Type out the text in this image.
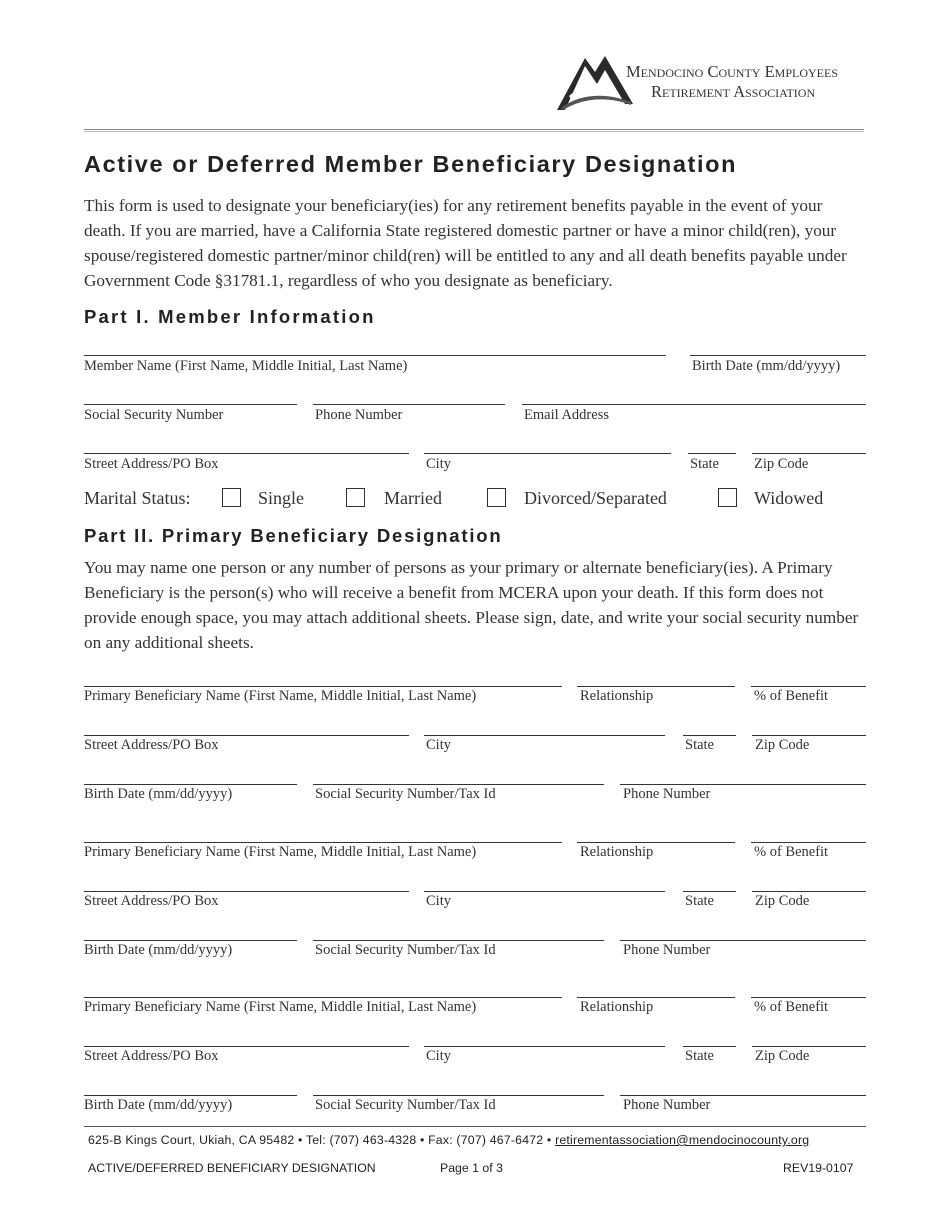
Mendocino County Employees
Retirement Association
Active or Deferred Member Beneficiary Designation

This form is used to designate your beneficiary(ies) for any retirement benefits payable in the event of your death. If you are married, have a California State registered domestic partner or have a minor child(ren), your spouse/registered domestic partner/minor child(ren) will be entitled to any and all death benefits payable under Government Code §31781.1, regardless of who you designate as beneficiary.

Part I. Member Information
Member Name (First Name, Middle Initial, Last Name)	Birth Date (mm/dd/yyyy)
Social Security Number	Phone Number	Email Address
Street Address/PO Box	City	State Zip Code
Marital Status:	Single	Married	Divorced/Separated	Widowed
Part II. Primary Beneficiary Designation

You may name one person or any number of persons as your primary or alternate beneficiary(ies). A Primary Beneficiary is the person(s) who will receive a benefit from MCERA upon your death. If this form does not provide enough space, you may attach additional sheets. Please sign, date, and write your social security number on any additional sheets.

Primary Beneficiary Name (First Name, Middle Initial, Last Name)	Relationship	% of Benefit
Street Address/PO Box	City	State	Zip Code
Birth Date (mm/dd/yyyy)	Social Security Number/Tax Id	Phone Number
Primary Beneficiary Name (First Name, Middle Initial, Last Name)	Relationship	% of Benefit
Street Address/PO Box	City	State	Zip Code
Birth Date (mm/dd/yyyy)	Social Security Number/Tax Id	Phone Number
Primary Beneficiary Name (First Name, Middle Initial, Last Name)	Relationship	% of Benefit
Street Address/PO Box	City	State	Zip Code
Birth Date (mm/dd/yyyy)	Social Security Number/Tax Id	Phone Number
625-B Kings Court, Ukiah, CA 95482 • Tel: (707) 463-4328 • Fax: (707) 467-6472 • retirementassociation@mendocinocounty.org
ACTIVE/DEFERRED BENEFICIARY DESIGNATION	Page 1 of 3	REV19-0107
